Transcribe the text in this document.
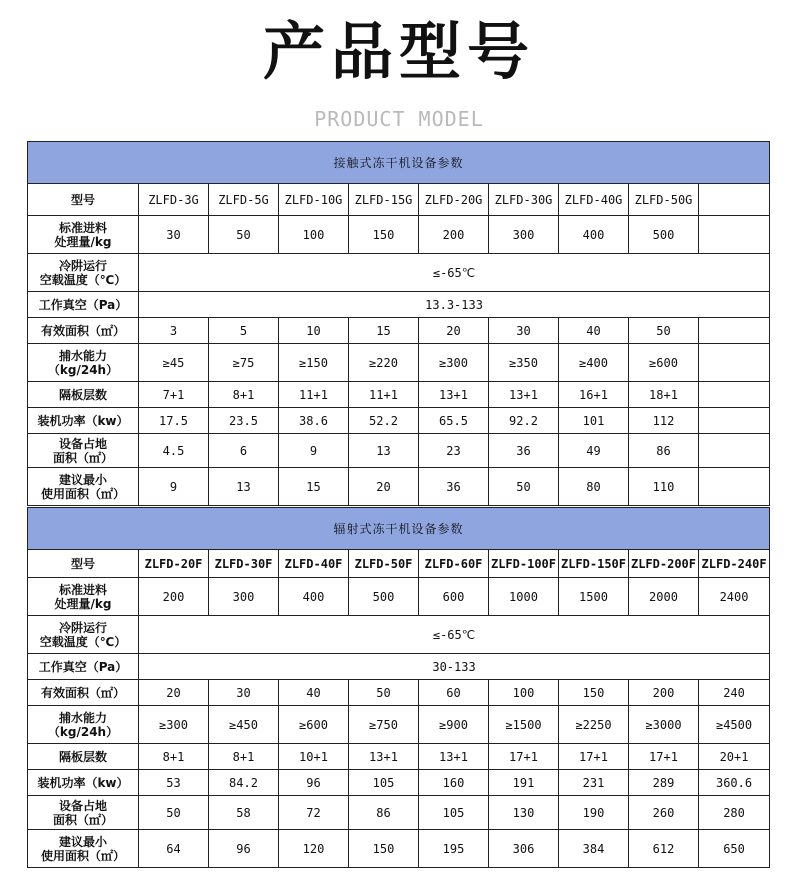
产品型号
PRODUCT MODEL
接触式冻干机设备参数									
型号	ZLFD-3G	ZLFD-5G	ZLFD-10G	ZLFD-15G	ZLFD-20G	ZLFD-30G	ZLFD-40G	ZLFD-50G	
标准进料
处理量/kg	30	50	100	150	200	300	400	500	
冷阱运行
空载温度（℃）	≤-65℃								
工作真空（Pa）	13.3-133								
有效面积（㎡）	3	5	10	15	20	30	40	50	
捕水能力
（kg/24h）	≥45	≥75	≥150	≥220	≥300	≥350	≥400	≥600	
隔板层数	7+1	8+1	11+1	11+1	13+1	13+1	16+1	18+1	
装机功率（kw）	17.5	23.5	38.6	52.2	65.5	92.2	101	112	
设备占地
面积（㎡）	4.5	6	9	13	23	36	49	86	
建议最小
使用面积（㎡）	9	13	15	20	36	50	80	110	
辐射式冻干机设备参数									
型号	ZLFD-20F	ZLFD-30F	ZLFD-40F	ZLFD-50F	ZLFD-60F	ZLFD-100F	ZLFD-150F	ZLFD-200F	ZLFD-240F
标准进料
处理量/kg	200	300	400	500	600	1000	1500	2000	2400
冷阱运行
空载温度（℃）	≤-65℃								
工作真空（Pa）	30-133								
有效面积（㎡）	20	30	40	50	60	100	150	200	240
捕水能力
（kg/24h）	≥300	≥450	≥600	≥750	≥900	≥1500	≥2250	≥3000	≥4500
隔板层数	8+1	8+1	10+1	13+1	13+1	17+1	17+1	17+1	20+1
装机功率（kw）	53	84.2	96	105	160	191	231	289	360.6
设备占地
面积（㎡）	50	58	72	86	105	130	190	260	280
建议最小
使用面积（㎡）	64	96	120	150	195	306	384	612	650
